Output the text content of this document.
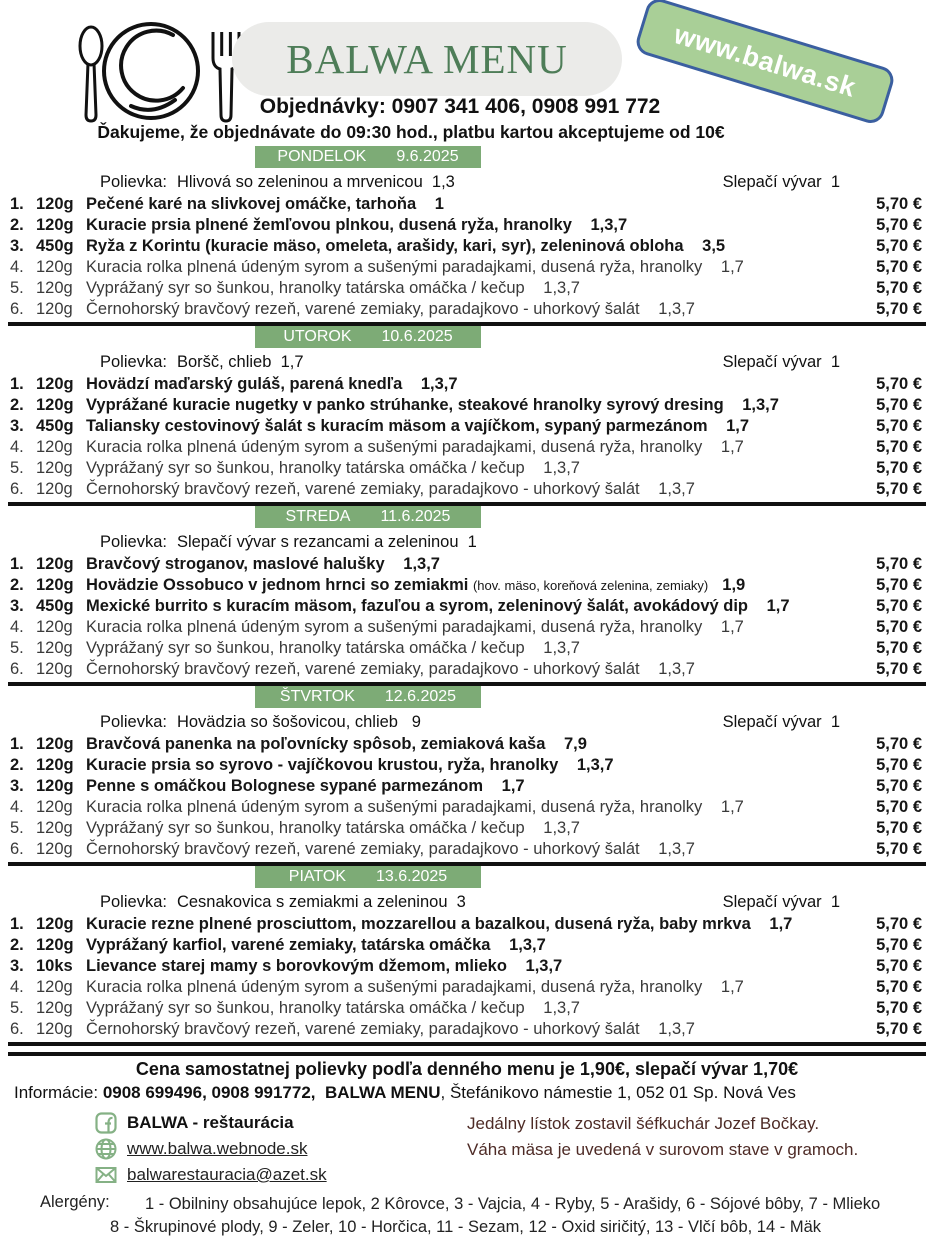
BALWA MENU	www.balwa.sk
Objednávky: 0907 341 406, 0908 991 772
Ďakujeme, že objednávate do 09:30 hod., platbu kartou akceptujeme od 10€
PONDELOK 9.6.2025
Polievka: Hlivová so zeleninou a mrvenicou  1,3	Slepačí vývar  1
1. 120g Pečené karé na slivkovej omáčke, tarhoňa 1	5,70 €
2. 120g Kuracie prsia plnené žemľovou plnkou, dusená ryža, hranolky 1,3,7	5,70 €
3. 450g Ryža z Korintu (kuracie mäso, omeleta, arašidy, kari, syr), zeleninová obloha 3,5	5,70 €
4. 120g Kuracia rolka plnená údeným syrom a sušenými paradajkami, dusená ryža, hranolky 1,7	5,70 €
5. 120g Vyprážaný syr so šunkou, hranolky tatárska omáčka / kečup 1,3,7	5,70 €
6. 120g Černohorský bravčový rezeň, varené zemiaky, paradajkovo - uhorkový šalát 1,3,7	5,70 €
UTOROK 10.6.2025
Polievka: Boršč, chlieb  1,7	Slepačí vývar  1
1. 120g Hovädzí maďarský guláš, parená knedľa 1,3,7	5,70 €
2. 120g Vyprážané kuracie nugetky v panko strúhanke, steakové hranolky syrový dresing 1,3,7	5,70 €
3. 450g Taliansky cestovinový šalát s kuracím mäsom a vajíčkom, sypaný parmezánom 1,7	5,70 €
4. 120g Kuracia rolka plnená údeným syrom a sušenými paradajkami, dusená ryža, hranolky 1,7	5,70 €
5. 120g Vyprážaný syr so šunkou, hranolky tatárska omáčka / kečup 1,3,7	5,70 €
6. 120g Černohorský bravčový rezeň, varené zemiaky, paradajkovo - uhorkový šalát 1,3,7	5,70 €
STREDA 11.6.2025
Polievka: Slepačí vývar s rezancami a zeleninou  1
1. 120g Bravčový stroganov, maslové halušky 1,3,7	5,70 €
2. 120g Hovädzie Ossobuco v jednom hrnci so zemiakmi (hov. mäso, koreňová zelenina, zemiaky) 1,9	5,70 €
3. 450g Mexické burrito s kuracím mäsom, fazuľou a syrom, zeleninový šalát, avokádový dip 1,7	5,70 €
4. 120g Kuracia rolka plnená údeným syrom a sušenými paradajkami, dusená ryža, hranolky 1,7	5,70 €
5. 120g Vyprážaný syr so šunkou, hranolky tatárska omáčka / kečup 1,3,7	5,70 €
6. 120g Černohorský bravčový rezeň, varené zemiaky, paradajkovo - uhorkový šalát 1,3,7	5,70 €
ŠTVRTOK 12.6.2025
Polievka: Hovädzia so šošovicou, chlieb   9	Slepačí vývar  1
1. 120g Bravčová panenka na poľovnícky spôsob, zemiaková kaša 7,9	5,70 €
2. 120g Kuracie prsia so syrovo - vajíčkovou krustou, ryža, hranolky 1,3,7	5,70 €
3. 120g Penne s omáčkou Bolognese sypané parmezánom 1,7	5,70 €
4. 120g Kuracia rolka plnená údeným syrom a sušenými paradajkami, dusená ryža, hranolky 1,7	5,70 €
5. 120g Vyprážaný syr so šunkou, hranolky tatárska omáčka / kečup 1,3,7	5,70 €
6. 120g Černohorský bravčový rezeň, varené zemiaky, paradajkovo - uhorkový šalát 1,3,7	5,70 €
PIATOK 13.6.2025
Polievka: Cesnakovica s zemiakmi a zeleninou  3	Slepačí vývar  1
1. 120g Kuracie rezne plnené prosciuttom, mozzarellou a bazalkou, dusená ryža, baby mrkva 1,7	5,70 €
2. 120g Vyprážaný karfiol, varené zemiaky, tatárska omáčka 1,3,7	5,70 €
3. 10ks Lievance starej mamy s borovkovým džemom, mlieko 1,3,7	5,70 €
4. 120g Kuracia rolka plnená údeným syrom a sušenými paradajkami, dusená ryža, hranolky 1,7	5,70 €
5. 120g Vyprážaný syr so šunkou, hranolky tatárska omáčka / kečup 1,3,7	5,70 €
6. 120g Černohorský bravčový rezeň, varené zemiaky, paradajkovo - uhorkový šalát 1,3,7	5,70 €
Cena samostatnej polievky podľa denného menu je 1,90€, slepačí vývar 1,70€
Informácie: 0908 699496, 0908 991772, BALWA MENU, Štefánikovo námestie 1, 052 01 Sp. Nová Ves
BALWA - reštaurácia
www.balwa.webnode.sk
balwarestauracia@azet.sk
Jedálny lístok zostavil šéfkuchár Jozef Bočkay.
Váha mäsa je uvedená v surovom stave v gramoch.
Alergény: 1 - Obilniny obsahujúce lepok, 2 Kôrovce, 3 - Vajcia, 4 - Ryby, 5 - Arašidy, 6 - Sójové bôby, 7 - Mlieko
8 - Škrupinové plody, 9 - Zeler, 10 - Horčica, 11 - Sezam, 12 - Oxid siričitý, 13 - Vlčí bôb, 14 - Mäk
